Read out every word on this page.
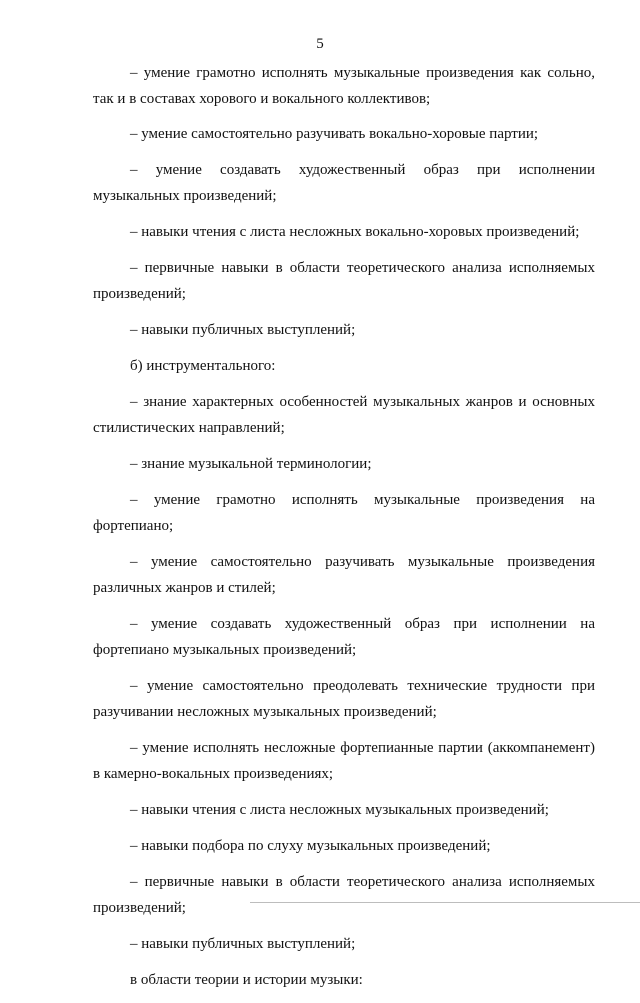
5

– умение грамотно исполнять музыкальные произведения как сольно, так и в составах хорового и вокального коллективов;

– умение самостоятельно разучивать вокально-хоровые партии;

– умение создавать художественный образ при исполнении музыкальных произведений;

– навыки чтения с листа несложных вокально-хоровых произведений;

– первичные навыки в области теоретического анализа исполняемых произведений;

– навыки публичных выступлений;

б) инструментального:

– знание характерных особенностей музыкальных жанров и основных стилистических направлений;

– знание музыкальной терминологии;

– умение грамотно исполнять музыкальные произведения на фортепиано;

– умение самостоятельно разучивать музыкальные произведения различных жанров и стилей;

– умение создавать художественный образ при исполнении на фортепиано музыкальных произведений;

– умение самостоятельно преодолевать технические трудности при разучивании несложных музыкальных произведений;

– умение исполнять несложные фортепианные партии (аккомпанемент) в камерно-вокальных произведениях;

– навыки чтения с листа несложных музыкальных произведений;

– навыки подбора по слуху музыкальных произведений;

– первичные навыки в области теоретического анализа исполняемых произведений;

– навыки публичных выступлений;

в области теории и истории музыки:
